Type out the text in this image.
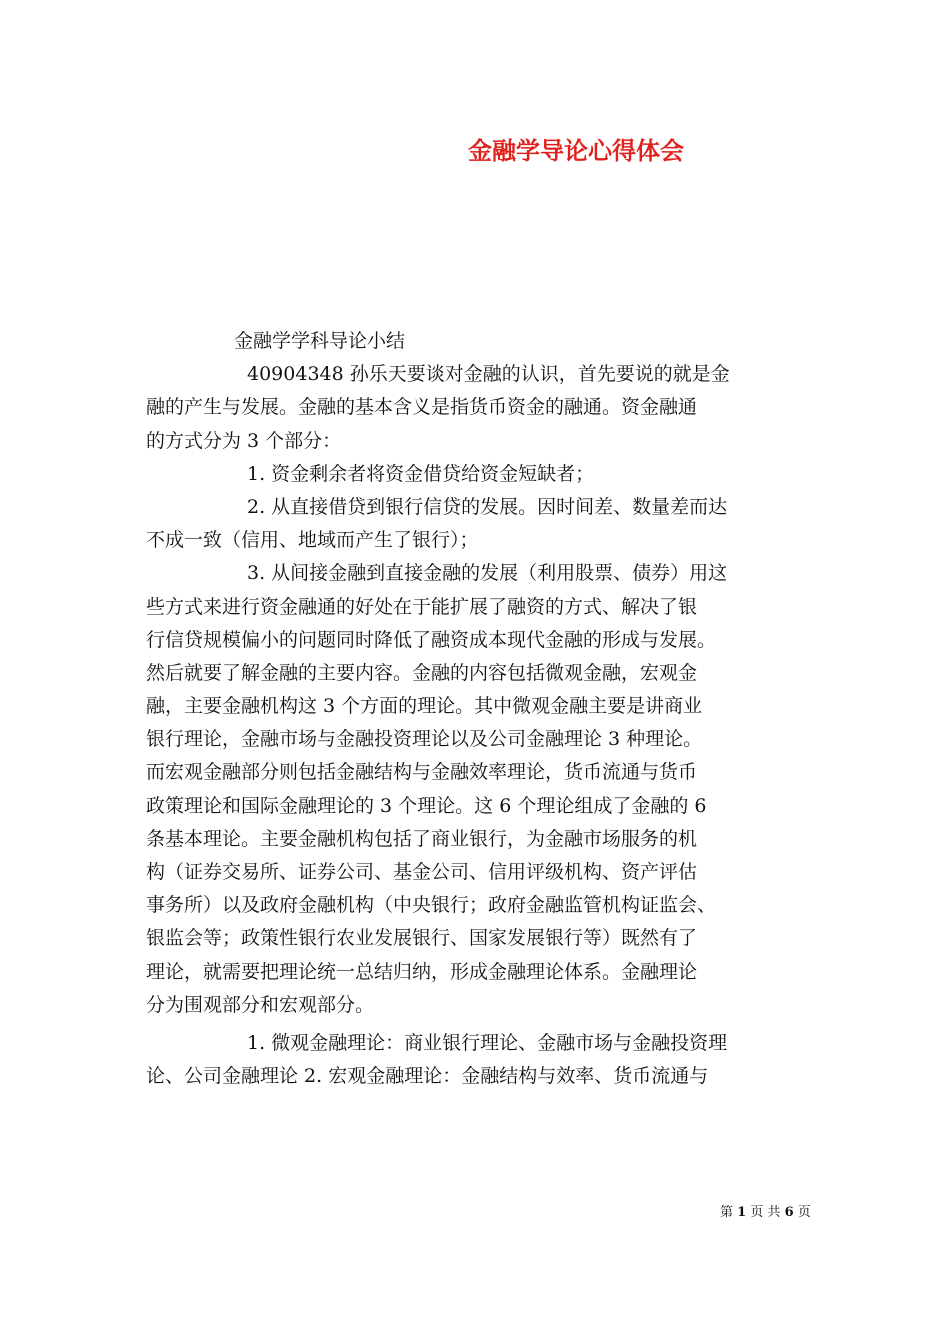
金融学导论心得体会
金融学学科导论小结
40904348 孙乐天要谈对金融的认识，首先要说的就是金
融的产生与发展。金融的基本含义是指货币资金的融通。资金融通
的方式分为 3 个部分：
1. 资金剩余者将资金借贷给资金短缺者；
2. 从直接借贷到银行信贷的发展。因时间差、数量差而达
不成一致（信用、地域而产生了银行）；
3. 从间接金融到直接金融的发展（利用股票、债券）用这
些方式来进行资金融通的好处在于能扩展了融资的方式、解决了银
行信贷规模偏小的问题同时降低了融资成本现代金融的形成与发展。
然后就要了解金融的主要内容。金融的内容包括微观金融，宏观金
融，主要金融机构这 3 个方面的理论。其中微观金融主要是讲商业
银行理论，金融市场与金融投资理论以及公司金融理论 3 种理论。
而宏观金融部分则包括金融结构与金融效率理论，货币流通与货币
政策理论和国际金融理论的 3 个理论。这 6 个理论组成了金融的 6
条基本理论。主要金融机构包括了商业银行，为金融市场服务的机
构（证券交易所、证券公司、基金公司、信用评级机构、资产评估
事务所）以及政府金融机构（中央银行；政府金融监管机构证监会、
银监会等；政策性银行农业发展银行、国家发展银行等）既然有了
理论，就需要把理论统一总结归纳，形成金融理论体系。金融理论
分为围观部分和宏观部分。
1. 微观金融理论：商业银行理论、金融市场与金融投资理
论、公司金融理论 2. 宏观金融理论：金融结构与效率、货币流通与
第 1 页 共 6 页
